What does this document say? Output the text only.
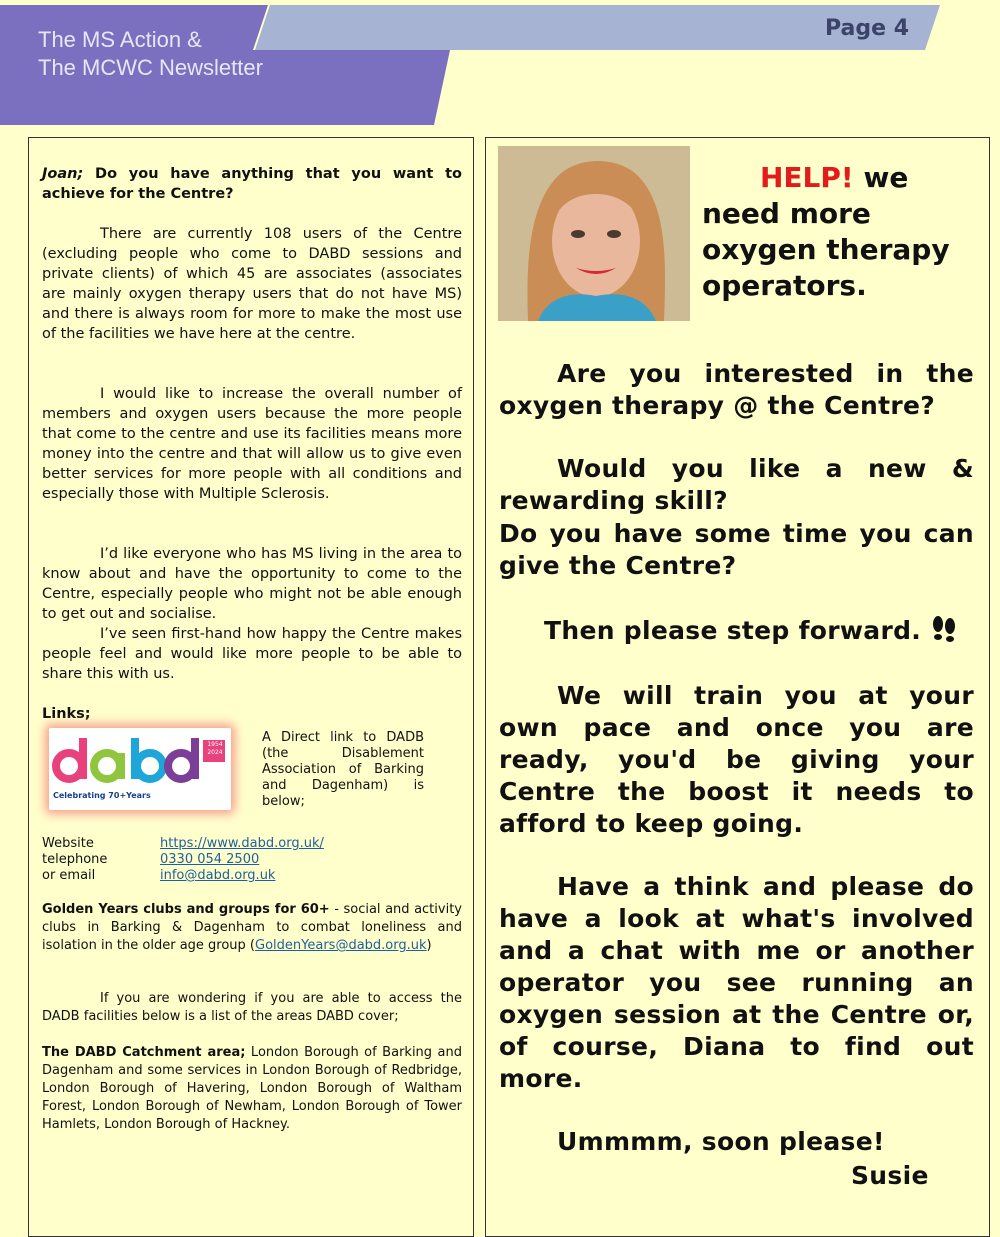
The MS Action &
The MCWC Newsletter
Page 4

Joan; Do you have anything that you want to achieve for the Centre?

There are currently 108 users of the Centre (excluding people who come to DABD sessions and private clients) of which 45 are associates (associates are mainly oxygen therapy users that do not have MS) and there is always room for more to make the most use of the facilities we have here at the centre.

I would like to increase the overall number of members and oxygen users because the more people that come to the centre and use its facilities means more money into the centre and that will allow us to give even better services for more people with all conditions and especially those with Multiple Sclerosis.

I’d like everyone who has MS living in the area to know about and have the opportunity to come to the Centre, especially people who might not be able enough to get out and socialise.

I’ve seen first-hand how happy the Centre makes people feel and would like more people to be able to share this with us.

Links;

1954 2024
Celebrating 70+Years
A Direct link to DADB (the Disablement Association of Barking and Dagenham) is below;
Website	https://www.dabd.org.uk/
telephone	0330 054 2500
or email	info@dabd.org.uk

Golden Years clubs and groups for 60+ - social and activity clubs in Barking & Dagenham to combat loneliness and isolation in the older age group (GoldenYears@dabd.org.uk)

If you are wondering if you are able to access the DADB facilities below is a list of the areas DABD cover;

The DABD Catchment area; London Borough of Barking and Dagenham and some services in London Borough of Redbridge, London Borough of Havering, London Borough of Waltham Forest, London Borough of Newham, London Borough of Tower Hamlets, London Borough of Hackney.

HELP! we need more oxygen therapy operators.

Are you interested in the oxygen therapy @ the Centre?

Would you like a new & rewarding skill?

Do you have some time you can give the Centre?

Then please step forward.

We will train you at your own pace and once you are ready, you'd be giving your Centre the boost it needs to afford to keep going.

Have a think and please do have a look at what's involved and a chat with me or another operator you see running an oxygen session at the Centre or, of course, Diana to find out more.

Ummmm, soon please!

Susie
